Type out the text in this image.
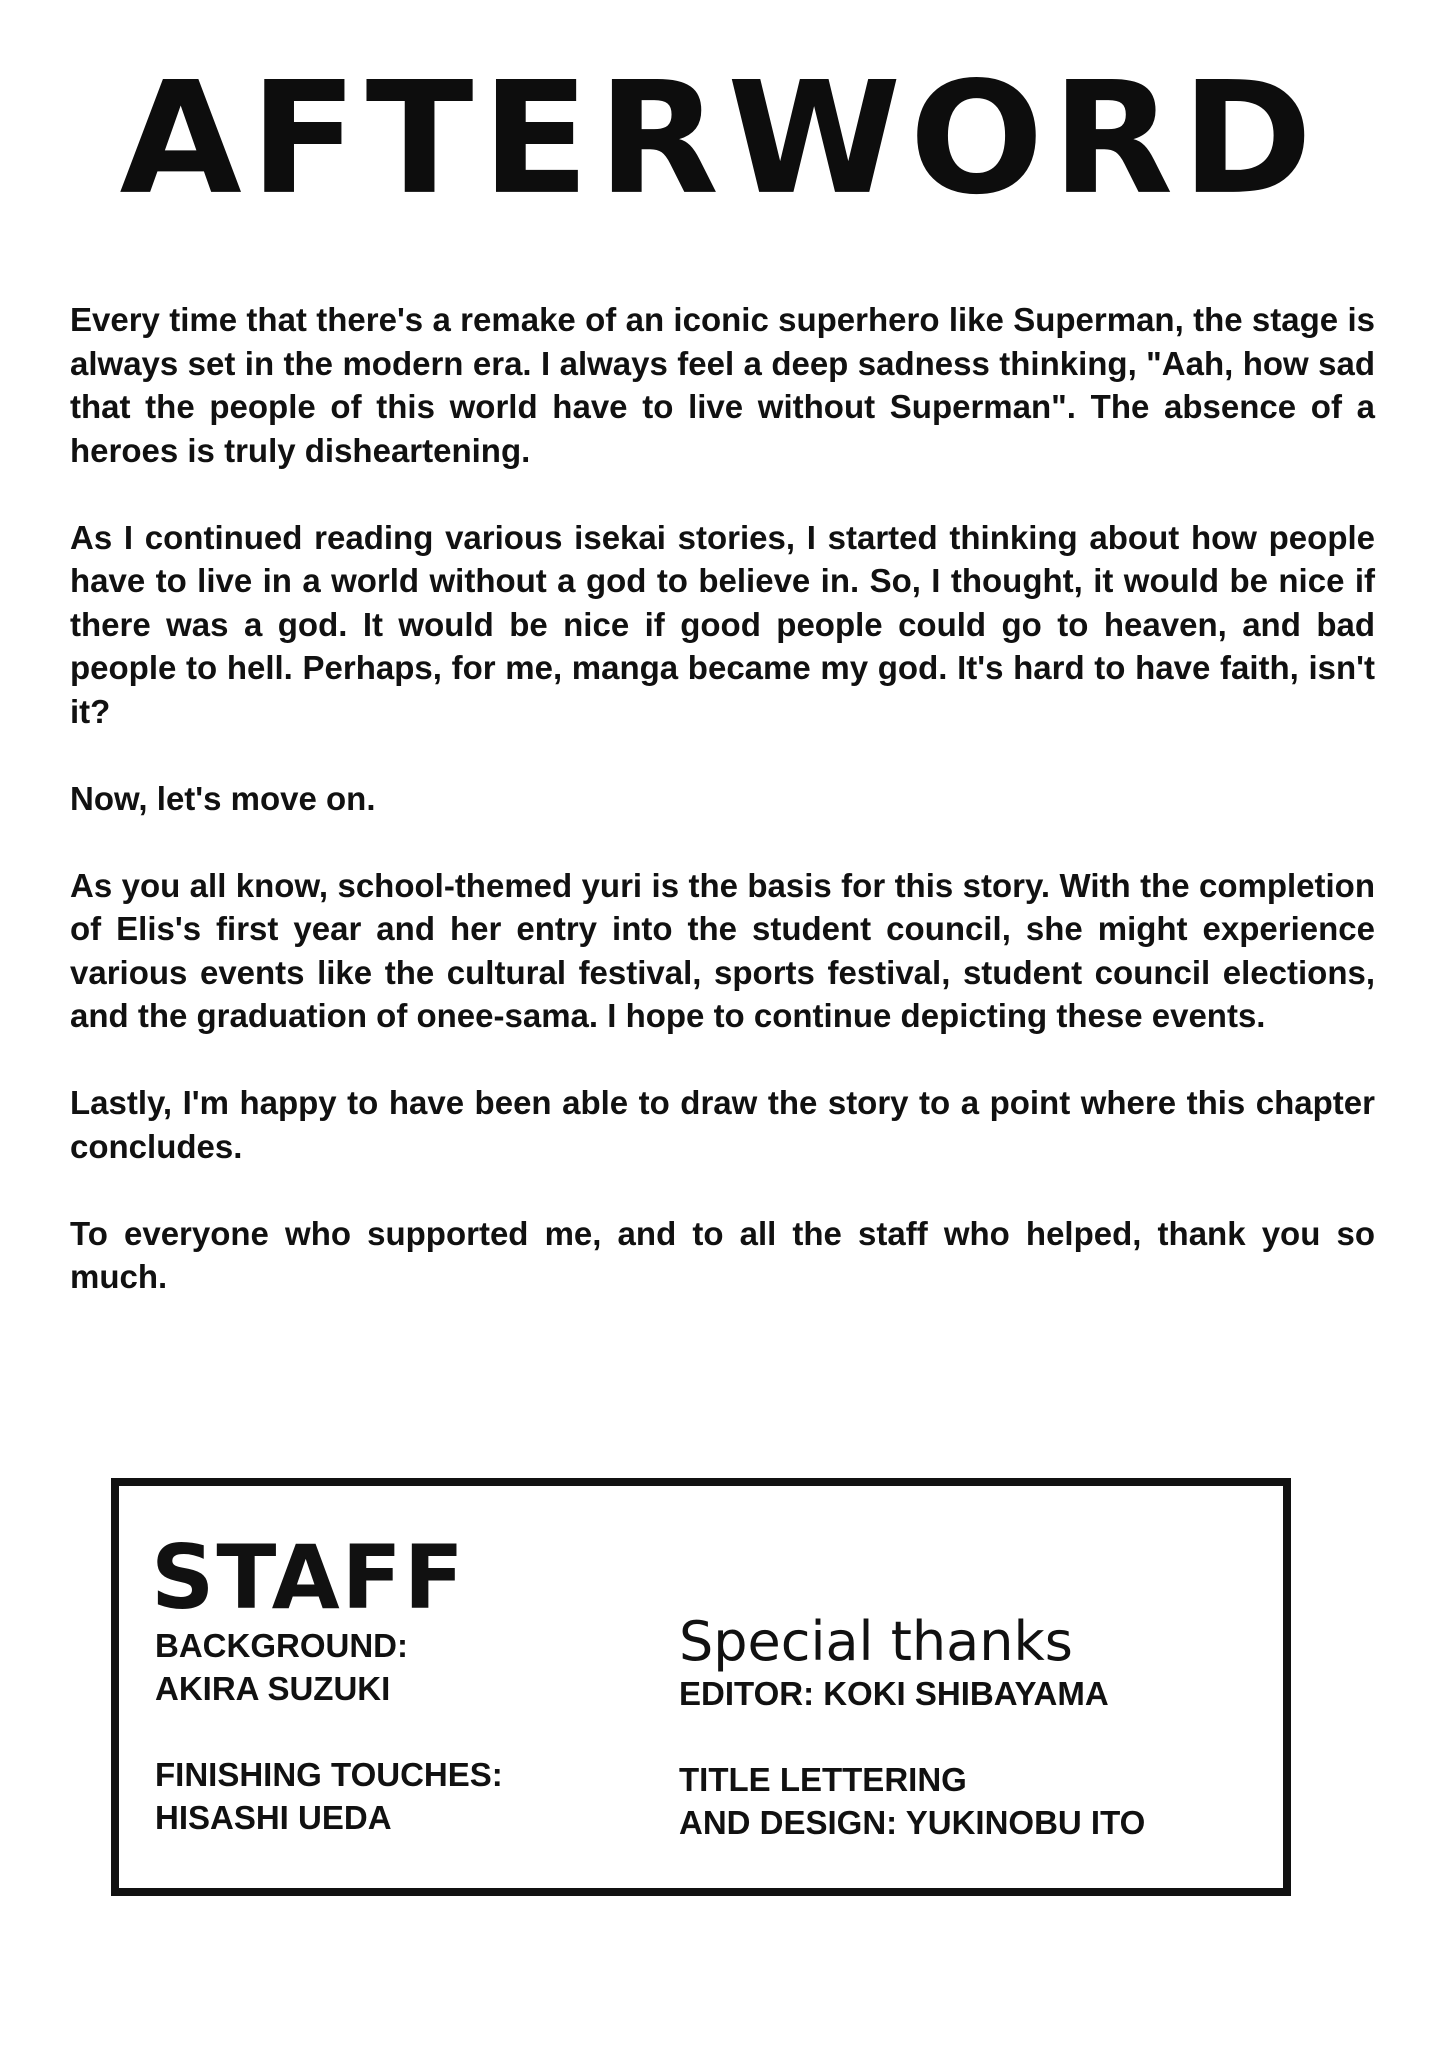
AFTERWORD

Every time that there's a remake of an iconic superhero like Superman, the stage is always set in the modern era. I always feel a deep sadness thinking, "Aah, how sad that the people of this world have to live without Superman". The absence of a heroes is truly disheartening.

As I continued reading various isekai stories, I started thinking about how people have to live in a world without a god to believe in. So, I thought, it would be nice if there was a god. It would be nice if good people could go to heaven, and bad people to hell. Perhaps, for me, manga became my god. It's hard to have faith, isn't it?

Now, let's move on.

As you all know, school-themed yuri is the basis for this story. With the completion of Elis's first year and her entry into the student council, she might experience various events like the cultural festival, sports festival, student council elections, and the graduation of onee-sama. I hope to continue depicting these events.

Lastly, I'm happy to have been able to draw the story to a point where this chapter concludes.

To everyone who supported me, and to all the staff who helped, thank you so much.

STAFF
BACKGROUND:
AKIRA SUZUKI
FINISHING TOUCHES:
HISASHI UEDA
Special thanks
EDITOR: KOKI SHIBAYAMA
TITLE LETTERING
AND DESIGN: YUKINOBU ITO
